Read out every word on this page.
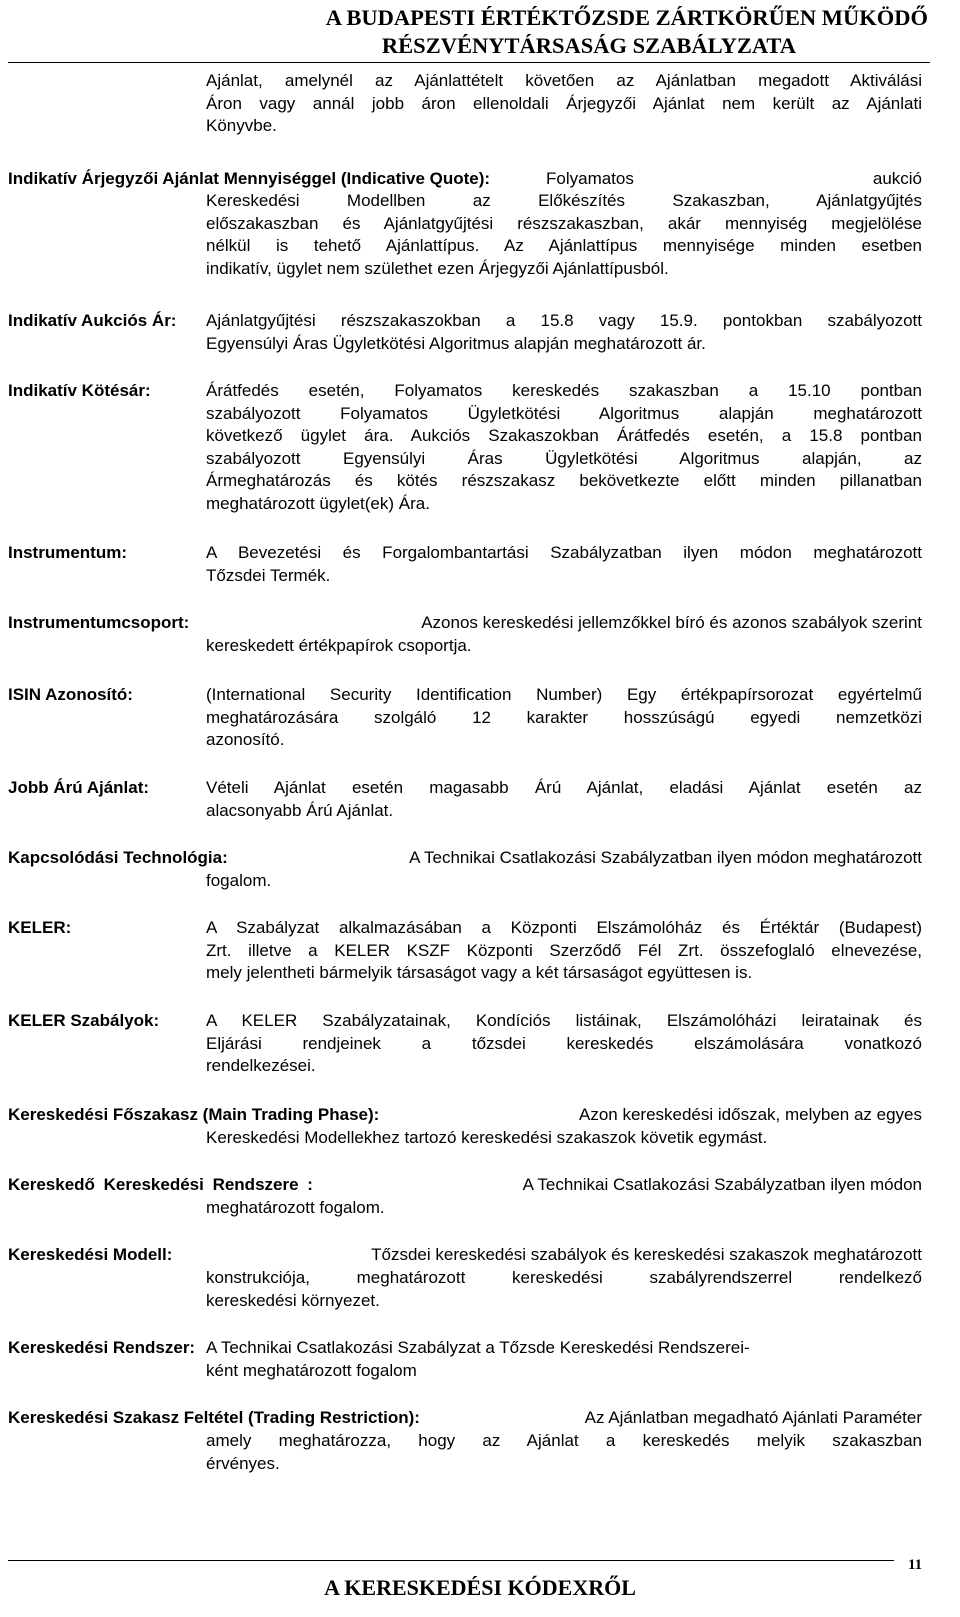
A BUDAPESTI ÉRTÉKTŐZSDE ZÁRTKÖRŰEN MŰKÖDŐ
RÉSZVÉNYTÁRSASÁG SZABÁLYZATA
Ajánlat, amelynél az Ajánlattételt követően az Ajánlatban megadott Aktiválási
Áron vagy annál jobb áron ellenoldali Árjegyzői Ajánlat nem került az Ajánlati
Könyvbe.
Indikatív Árjegyzői Ajánlat Mennyiséggel (Indicative Quote):	Folyamatos	aukció
Kereskedési Modellben az Előkészítés Szakaszban, Ajánlatgyűjtés
előszakaszban és Ajánlatgyűjtési részszakaszban, akár mennyiség megjelölése
nélkül is tehető Ajánlattípus. Az Ajánlattípus mennyisége minden esetben
indikatív, ügylet nem születhet ezen Árjegyzői Ajánlattípusból.
Indikatív Aukciós Ár: Ajánlatgyűjtési részszakaszokban a 15.8 vagy 15.9. pontokban szabályozott
Egyensúlyi Áras Ügyletkötési Algoritmus alapján meghatározott ár.
Indikatív Kötésár:	Árátfedés esetén, Folyamatos kereskedés szakaszban a 15.10 pontban
szabályozott Folyamatos Ügyletkötési Algoritmus alapján meghatározott
következő ügylet ára. Aukciós Szakaszokban Árátfedés esetén, a 15.8 pontban
szabályozott Egyensúlyi Áras Ügyletkötési Algoritmus alapján, az
Ármeghatározás és kötés részszakasz bekövetkezte előtt minden pillanatban
meghatározott ügylet(ek) Ára.
Instrumentum:	A Bevezetési és Forgalombantartási Szabályzatban ilyen módon meghatározott
Tőzsdei Termék.
Instrumentumcsoport:	Azonos kereskedési jellemzőkkel bíró és azonos szabályok szerint
kereskedett értékpapírok csoportja.
ISIN Azonosító:	(International Security Identification Number) Egy értékpapírsorozat egyértelmű
meghatározására szolgáló 12 karakter hosszúságú egyedi nemzetközi
azonosító.
Jobb Árú Ajánlat:	Vételi Ajánlat esetén magasabb Árú Ajánlat, eladási Ajánlat esetén az
alacsonyabb Árú Ajánlat.
Kapcsolódási Technológia:	A Technikai Csatlakozási Szabályzatban ilyen módon meghatározott
fogalom.
KELER:	A Szabályzat alkalmazásában a Központi Elszámolóház és Értéktár (Budapest)
Zrt. illetve a KELER KSZF Központi Szerződő Fél Zrt. összefoglaló elnevezése,
mely jelentheti bármelyik társaságot vagy a két társaságot együttesen is.
KELER Szabályok:	A KELER Szabályzatainak, Kondíciós listáinak, Elszámolóházi leiratainak és
Eljárási rendjeinek a tőzsdei kereskedés elszámolására vonatkozó
rendelkezései.
Kereskedési Főszakasz (Main Trading Phase):	Azon kereskedési időszak, melyben az egyes
Kereskedési Modellekhez tartozó kereskedési szakaszok követik egymást.
Kereskedő Kereskedési Rendszere :	A Technikai Csatlakozási Szabályzatban ilyen módon
meghatározott fogalom.
Kereskedési Modell:	Tőzsdei kereskedési szabályok és kereskedési szakaszok meghatározott
konstrukciója, meghatározott kereskedési szabályrendszerrel rendelkező
kereskedési környezet.
Kereskedési Rendszer: A Technikai Csatlakozási Szabályzat a Tőzsde Kereskedési Rendszerei-
ként meghatározott fogalom
Kereskedési Szakasz Feltétel (Trading Restriction):	Az Ajánlatban megadható Ajánlati Paraméter
amely meghatározza, hogy az Ajánlat a kereskedés melyik szakaszban
érvényes.
11
A KERESKEDÉSI KÓDEXRŐL
